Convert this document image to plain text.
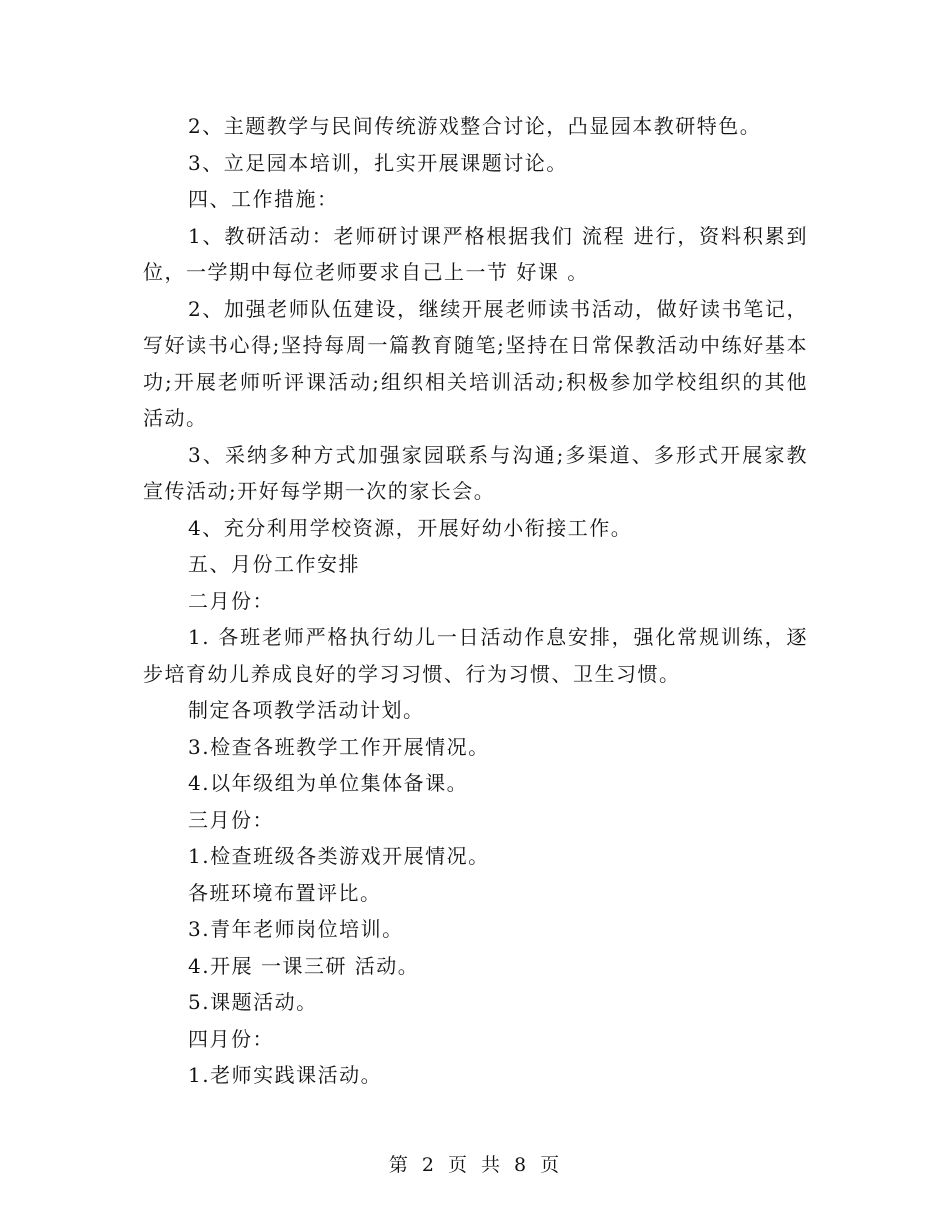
2、主题教学与民间传统游戏整合讨论，凸显园本教研特色。

3、立足园本培训，扎实开展课题讨论。

四、工作措施：

1、教研活动：老师研讨课严格根据我们 流程 进行，资料积累到位，一学期中每位老师要求自己上一节 好课 。

2、加强老师队伍建设，继续开展老师读书活动，做好读书笔记，写好读书心得;坚持每周一篇教育随笔;坚持在日常保教活动中练好基本功;开展老师听评课活动;组织相关培训活动;积极参加学校组织的其他活动。

3、采纳多种方式加强家园联系与沟通;多渠道、多形式开展家教宣传活动;开好每学期一次的家长会。

4、充分利用学校资源，开展好幼小衔接工作。

五、月份工作安排

二月份：

1. 各班老师严格执行幼儿一日活动作息安排，强化常规训练，逐步培育幼儿养成良好的学习习惯、行为习惯、卫生习惯。

制定各项教学活动计划。

3.检查各班教学工作开展情况。

4.以年级组为单位集体备课。

三月份：

1.检查班级各类游戏开展情况。

各班环境布置评比。

3.青年老师岗位培训。

4.开展 一课三研 活动。

5.课题活动。

四月份：

1.老师实践课活动。

第 2 页 共 8 页
